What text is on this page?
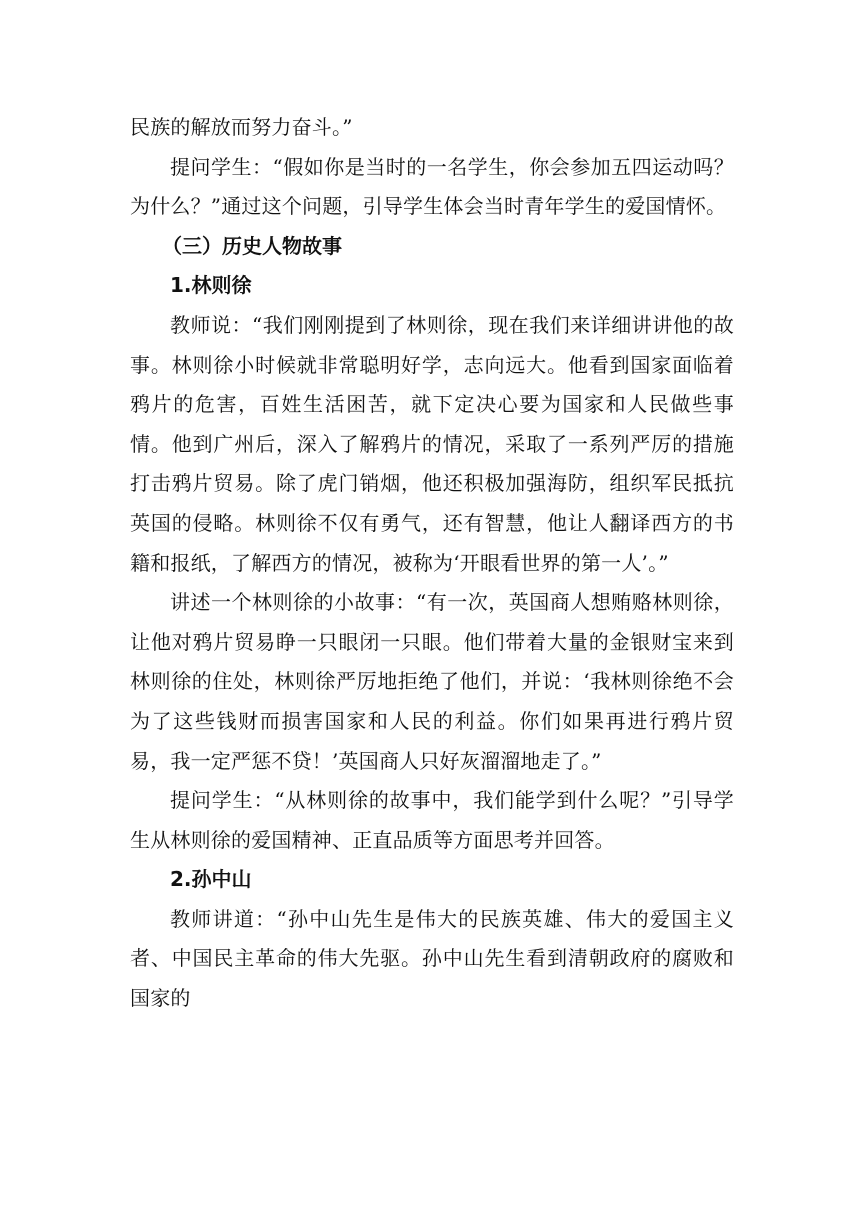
民族的解放而努力奋斗。”

提问学生：“假如你是当时的一名学生，你会参加五四运动吗？为什么？”通过这个问题，引导学生体会当时青年学生的爱国情怀。

（三）历史人物故事
1.林则徐

教师说：“我们刚刚提到了林则徐，现在我们来详细讲讲他的故事。林则徐小时候就非常聪明好学，志向远大。他看到国家面临着鸦片的危害，百姓生活困苦，就下定决心要为国家和人民做些事情。他到广州后，深入了解鸦片的情况，采取了一系列严厉的措施打击鸦片贸易。除了虎门销烟，他还积极加强海防，组织军民抵抗英国的侵略。林则徐不仅有勇气，还有智慧，他让人翻译西方的书籍和报纸，了解西方的情况，被称为‘开眼看世界的第一人’。”

讲述一个林则徐的小故事：“有一次，英国商人想贿赂林则徐，让他对鸦片贸易睁一只眼闭一只眼。他们带着大量的金银财宝来到林则徐的住处，林则徐严厉地拒绝了他们，并说：‘我林则徐绝不会为了这些钱财而损害国家和人民的利益。你们如果再进行鸦片贸易，我一定严惩不贷！’英国商人只好灰溜溜地走了。”

提问学生：“从林则徐的故事中，我们能学到什么呢？”引导学生从林则徐的爱国精神、正直品质等方面思考并回答。

2.孙中山

教师讲道：“孙中山先生是伟大的民族英雄、伟大的爱国主义者、中国民主革命的伟大先驱。孙中山先生看到清朝政府的腐败和国家的
